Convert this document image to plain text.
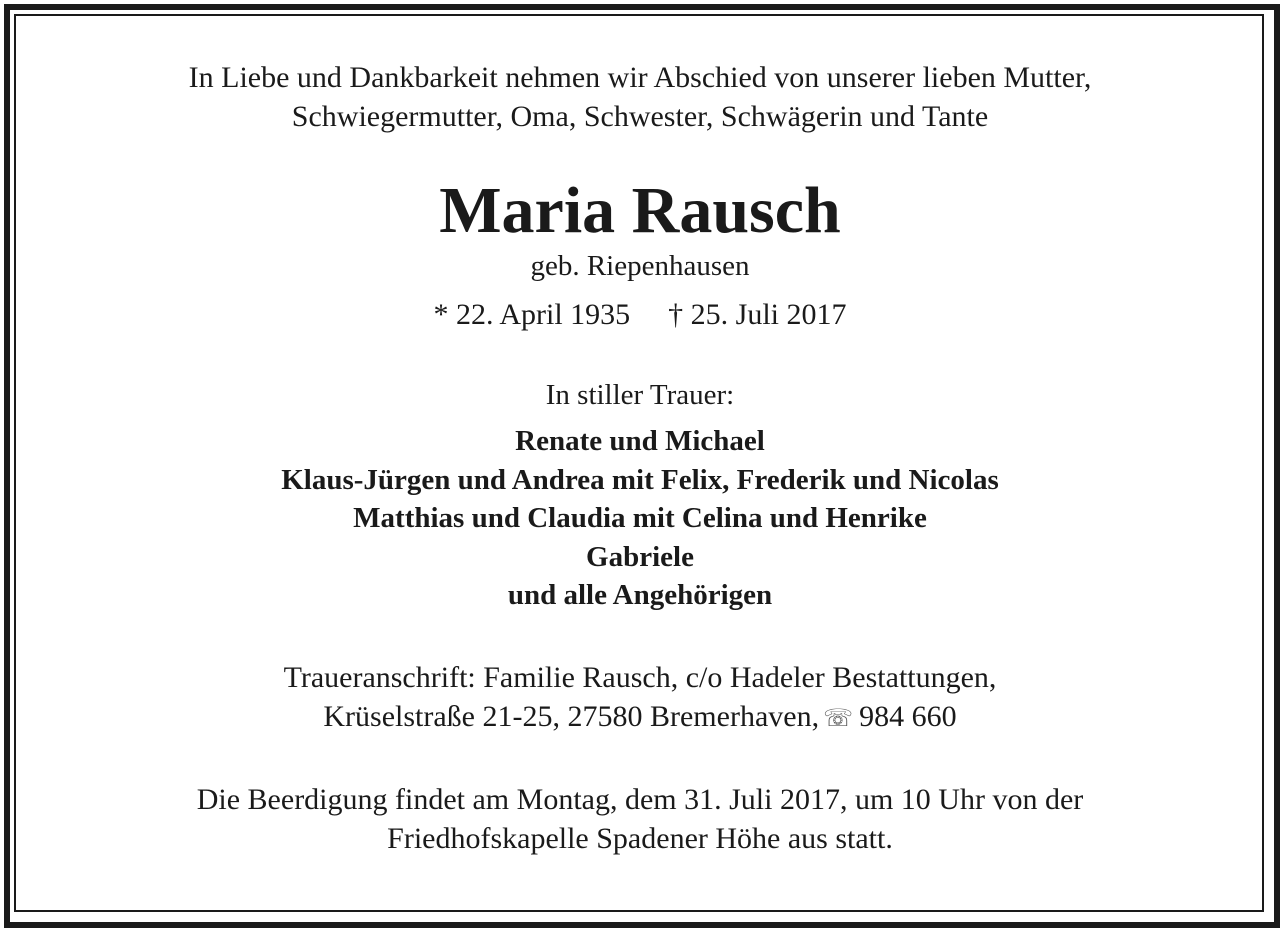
In Liebe und Dankbarkeit nehmen wir Abschied von unserer lieben Mutter,
Schwiegermutter, Oma, Schwester, Schwägerin und Tante
Maria Rausch
geb. Riepenhausen
* 22. April 1935 † 25. Juli 2017
In stiller Trauer:
Renate und Michael
Klaus-Jürgen und Andrea mit Felix, Frederik und Nicolas
Matthias und Claudia mit Celina und Henrike
Gabriele
und alle Angehörigen
Traueranschrift: Familie Rausch, c/o Hadeler Bestattungen,
Krüselstraße 21-25, 27580 Bremerhaven, ☏ 984 660
Die Beerdigung findet am Montag, dem 31. Juli 2017, um 10 Uhr von der
Friedhofskapelle Spadener Höhe aus statt.
